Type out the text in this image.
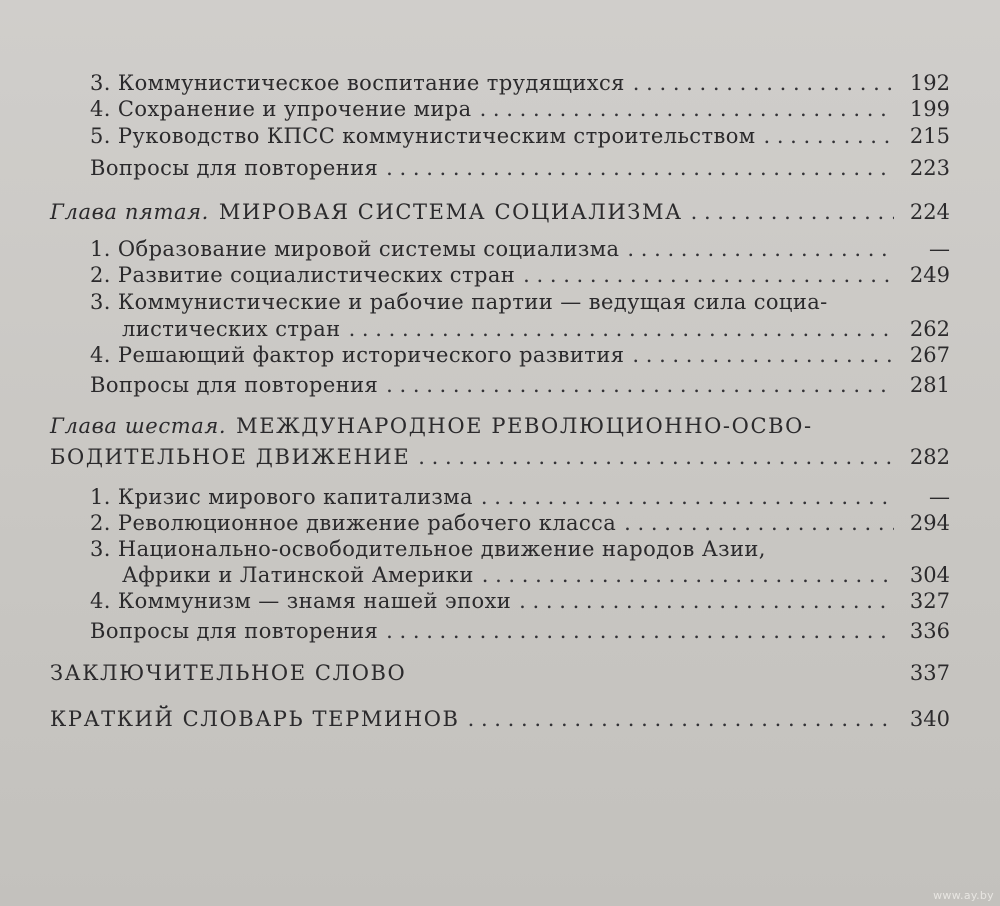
3. Коммунистическое воспитание трудящихся . . .	192
4. Сохранение и упрочение мира . . .	199
5. Руководство КПСС коммунистическим строительством . . .	215
Вопросы для повторения . . .	223
Глава пятая. МИРОВАЯ СИСТЕМА СОЦИАЛИЗМА . . .	224
1. Образование мировой системы социализма . . .	—
2. Развитие социалистических стран . . .	249
3. Коммунистические и рабочие партии — ведущая сила социа-
листических стран . . .	262
4. Решающий фактор исторического развития . . .	267
Вопросы для повторения . . .	281
Глава шестая. МЕЖДУНАРОДНОЕ РЕВОЛЮЦИОННО-ОСВО-
БОДИТЕЛЬНОЕ ДВИЖЕНИЕ . . .	282
1. Кризис мирового капитализма . . .	—
2. Революционное движение рабочего класса . . .	294
3. Национально-освободительное движение народов Азии,
Африки и Латинской Америки . . .	304
4. Коммунизм — знамя нашей эпохи . . .	327
Вопросы для повторения . . .	336
ЗАКЛЮЧИТЕЛЬНОЕ СЛОВО	337
КРАТКИЙ СЛОВАРЬ ТЕРМИНОВ . . .	340
www.ay.by
